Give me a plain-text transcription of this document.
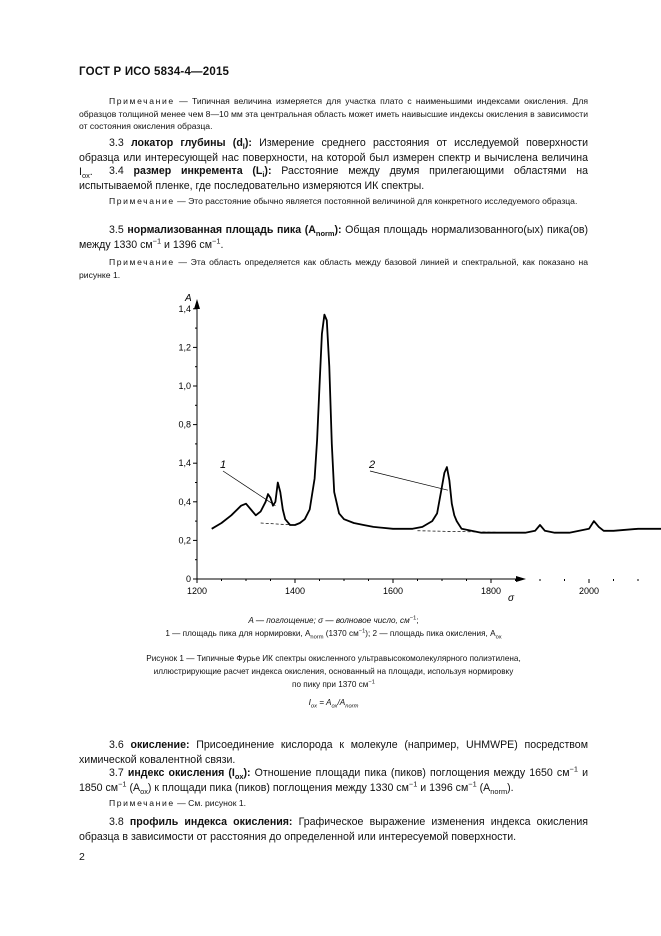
ГОСТ Р ИСО 5834-4—2015
Примечание — Типичная величина измеряется для участка плато с наименьшими индексами окисления. Для образцов толщиной менее чем 8—10 мм эта центральная область может иметь наивысшие индексы окисления в зависимости от состояния окисления образца.
3.3 локатор глубины $(d_l)$: Измерение среднего расстояния от исследуемой поверхности образца или интересующей нас поверхности, на которой был измерен спектр и вычислена величина $I_{ox}$.	3.4 размер инкремента $(L_i)$: Расстояние между двумя прилегающими областями на испытываемой пленке, где последовательно измеряются ИК спектры.
Примечание — Это расстояние обычно является постоянной величиной для конкретного исследуемого образца.
3.5 нормализованная площадь пика $(A_{norm})$: Общая площадь нормализованного(ых) пика(ов) между 1330 $см^{-1}$ и 1396 $см^{-1}$.
Примечание — Эта область определяется как область между базовой линией и спектральной, как показано на рисунке 1.
A
σ
0
0,2
0,4
1,4
0,8
1,0
1,2
1,4
1200	1400	1600	1800	2000
1	2
A — поглощение; σ — волновое число, $см^{-1}$;
1 — площадь пика для нормировки, $A_{norm}$ (1370 $см^{-1}$); 2 — площадь пика окисления, $A_{ox}$
Рисунок 1 — Типичные Фурье ИК спектры окисленного ультравысокомолекулярного полиэтилена,
иллюстрирующие расчет индекса окисления, основанный на площади, используя нормировку
по пику при 1370 $см^{-1}$
$I_{ox} = A_{ox}/A_{norm}$
3.6 окисление: Присоединение кислорода к молекуле (например, UHMWPE) посредством химической ковалентной связи.
3.7 индекс окисления $(I_{ox})$: Отношение площади пика (пиков) поглощения между 1650 $см^{-1}$ и 1850 $см^{-1}$ $(A_{ox})$ к площади пика (пиков) поглощения между 1330 $см^{-1}$ и 1396 $см^{-1}$ $(A_{norm})$.
Примечание — См. рисунок 1.
3.8 профиль индекса окисления: Графическое выражение изменения индекса окисления образца в зависимости от расстояния до определенной или интересуемой поверхности.
2
